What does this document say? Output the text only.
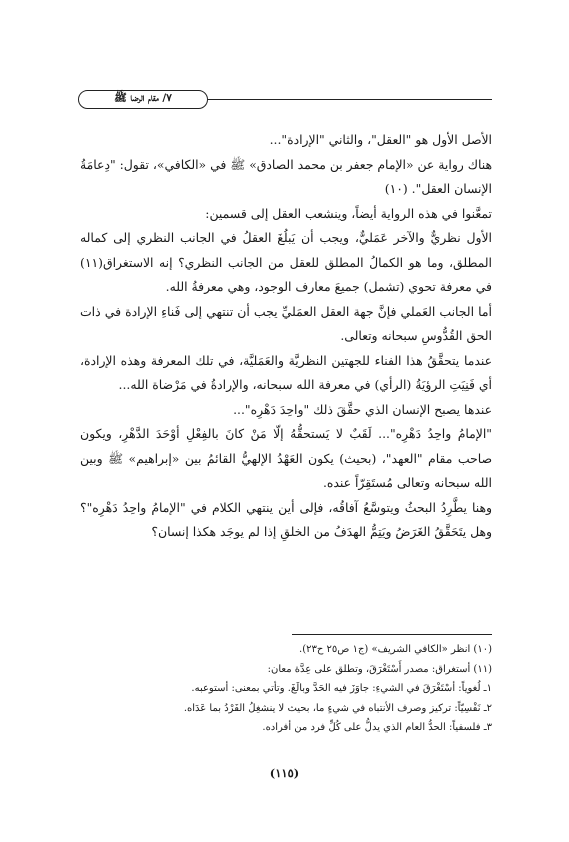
٧/ مقام الرضا ﷺ

الأصل الأول هو "العقل"، والثاني "الإرادة"...

هناك رواية عن «الإمام جعفر بن محمد الصادق» ﷺ في «الكافي»، تقول: "دِعامَةُ الإنسان العقل". (١٠)

تمعَّنوا في هذه الرواية أيضاً، وينشعب العقل إلى قسمين:

الأول نظريٌّ والآخر عَمَليٌّ، ويجب أن يَبلُغَ العقلُ في الجانب النظري إلى كماله المطلق، وما هو الكمالُ المطلق للعقل من الجانب النظري؟ إنه الاستغراق(١١) في معرفة تحوي (تشمل) جميعَ معارف الوجود، وهي معرفةُ الله.

أما الجانب العَملي فإنَّ جهة العقل العمَليِّ يجب أن تنتهي إلى فَناءِ الإرادة في ذات الحق القُدُّوسِ سبحانه وتعالى.

عندما يتحقَّقُ هذا الفناء للجهتين النظريَّة والعَمَليَّة، في تلك المعرفة وهذه الإرادة، أي فَنِيَتِ الرؤيَةُ (الرأي) في معرفة الله سبحانه، والإرادةُ في مَرْضاة الله...

عندها يصبح الإنسان الذي حقَّقَ ذلك "واحِدَ دَهْرِه"...

"الإمامُ واحِدُ دَهْرِه"... لَقَبٌ لا يَستحقُّهُ إلّا مَنْ كانَ بالفِعْلِ أوْحَدَ الدَّهْرِ، ويكون صاحب مقام "العهد"، (بحيث) يكون العَهْدُ الإلهيُّ القائمُ بين «إبراهيم» ﷺ وبين الله سبحانه وتعالى مُستَقِرّاً عنده.

وهنا يطَّرِدُ البحثُ ويتوسَّعُ آفاقُه، فإلى أين ينتهي الكلام في "الإمامُ واحِدُ دَهْرِه"؟ وهل يتَحَقَّقُ الغَرَضُ ويَتِمُّ الهدَفُ من الخلقِ إذا لم يوجَد هكذا إنسان؟

(١٠) انظر «الكافي الشريف» (ج١ ص٢٥ ح٢٣).

(١١) أستغراق: مصدر أَسْتَغْرَقَ، وتطلق على عِدَّة معان:

١ـ لُغوياً: أسْتَغْرَقَ في الشيءِ: جاوَزَ فيه الحَدَّ وبالَغَ. وتأتي بمعنى: أستوعبه.

٢ـ نَفْسِيّاً: تركيز وصرف الأنتباه في شيءٍ ما، بحيث لا ينشغِلُ الفَرْدُ بما عَدَاه.

٣ـ فلسفياً: الحدُّ العام الذي يدلُّ على كُلِّ فرد من أفراده.

(١١٥)
